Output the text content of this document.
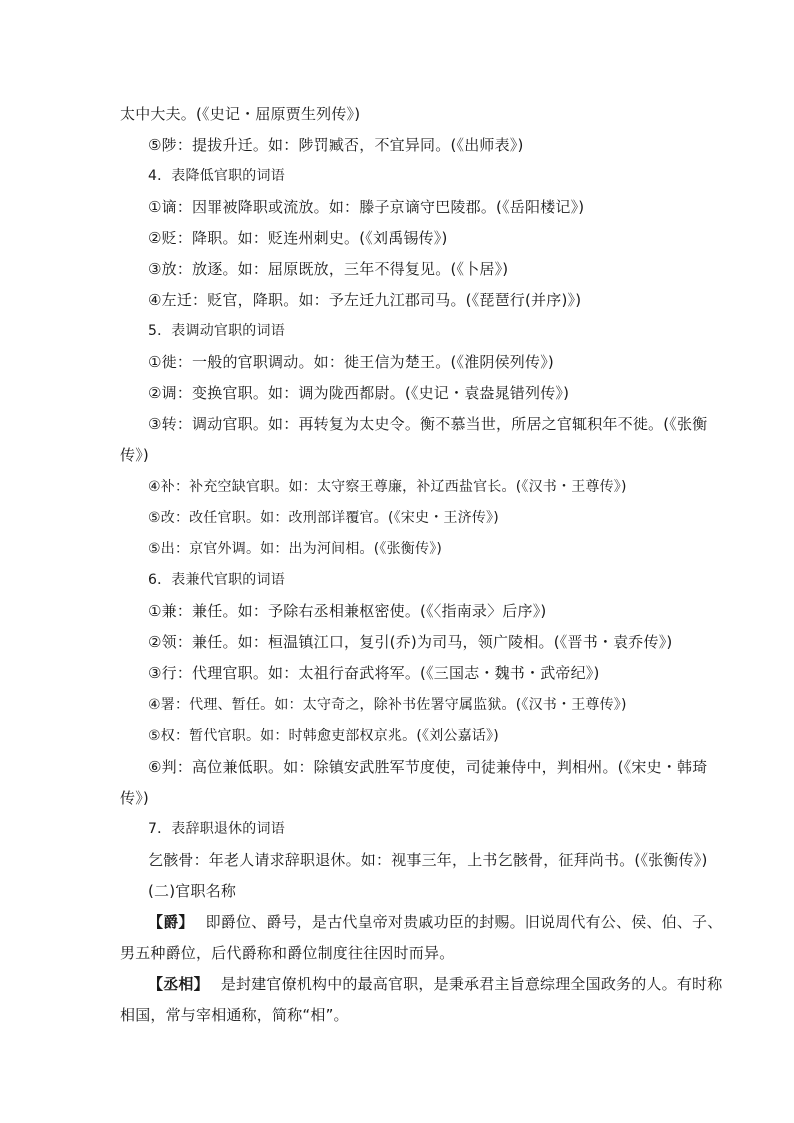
太中大夫。(《史记・屈原贾生列传》)
⑤陟：提拔升迁。如：陟罚臧否，不宜异同。(《出师表》)
4．表降低官职的词语
①谪：因罪被降职或流放。如：滕子京谪守巴陵郡。(《岳阳楼记》)
②贬：降职。如：贬连州刺史。(《刘禹锡传》)
③放：放逐。如：屈原既放，三年不得复见。(《卜居》)
④左迁：贬官，降职。如：予左迁九江郡司马。(《琵琶行(并序)》)
5．表调动官职的词语
①徙：一般的官职调动。如：徙王信为楚王。(《淮阴侯列传》)
②调：变换官职。如：调为陇西都尉。(《史记・袁盎晁错列传》)
③转：调动官职。如：再转复为太史令。衡不慕当世，所居之官辄积年不徙。(《张衡
传》)
④补：补充空缺官职。如：太守察王尊廉，补辽西盐官长。(《汉书・王尊传》)
⑤改：改任官职。如：改刑部详覆官。(《宋史・王济传》)
⑤出：京官外调。如：出为河间相。(《张衡传》)
6．表兼代官职的词语
①兼：兼任。如：予除右丞相兼枢密使。(《〈指南录〉后序》)
②领：兼任。如：桓温镇江口，复引(乔)为司马，领广陵相。(《晋书・袁乔传》)
③行：代理官职。如：太祖行奋武将军。(《三国志・魏书・武帝纪》)
④署：代理、暂任。如：太守奇之，除补书佐署守属监狱。(《汉书・王尊传》)
⑤权：暂代官职。如：时韩愈吏部权京兆。(《刘公嘉话》)
⑥判：高位兼低职。如：除镇安武胜军节度使，司徒兼侍中，判相州。(《宋史・韩琦
传》)
7．表辞职退休的词语
乞骸骨：年老人请求辞职退休。如：视事三年，上书乞骸骨，征拜尚书。(《张衡传》)
(二)官职名称
【爵】 即爵位、爵号，是古代皇帝对贵戚功臣的封赐。旧说周代有公、侯、伯、子、
男五种爵位，后代爵称和爵位制度往往因时而异。
【丞相】 是封建官僚机构中的最高官职，是秉承君主旨意综理全国政务的人。有时称
相国，常与宰相通称，简称“相”。
